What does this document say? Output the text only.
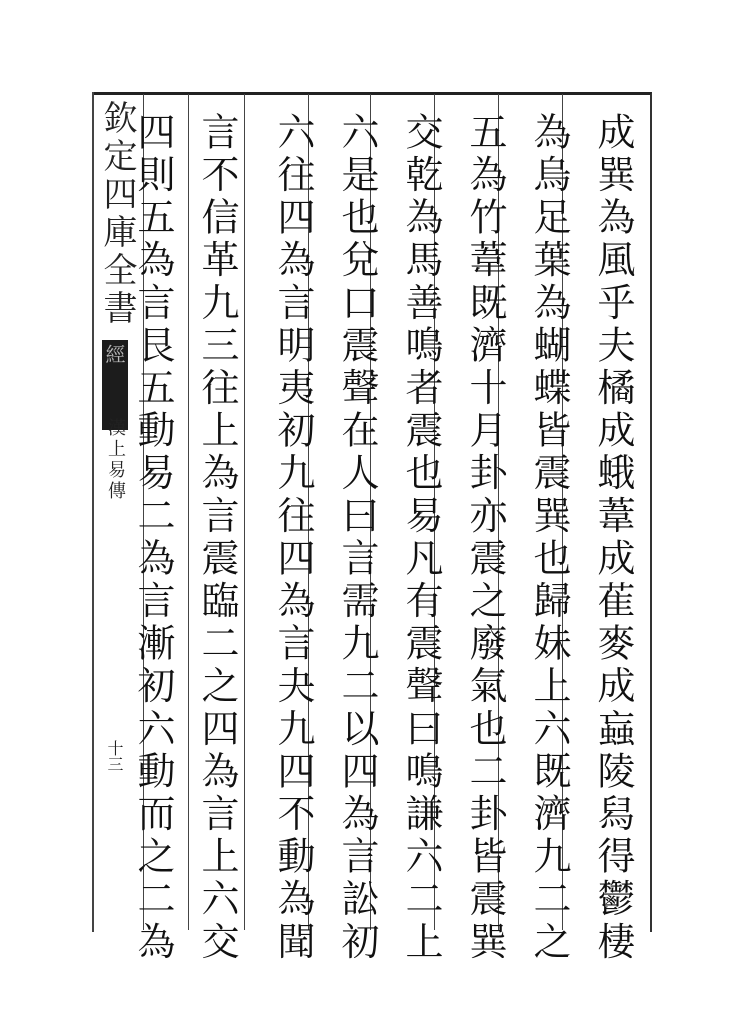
欽定四庫全書
經
漢上易傳
十三	成巽為風乎夫橘成蛾葦成萑麥成蝱陵舄得鬱棲

為烏足葉為蝴蝶皆震巽也歸妹上六既濟九二之

五為竹葦既濟十月卦亦震之廢氣也二卦皆震巽

交乾為馬善鳴者震也易凡有震聲曰鳴謙六二上

六是也兌口震聲在人曰言需九二以四為言訟初

六往四為言明夷初九往四為言夬九四不動為聞

言不信革九三往上為言震臨二之四為言上六交

四則五為言艮五動易二為言漸初六動而之二為
